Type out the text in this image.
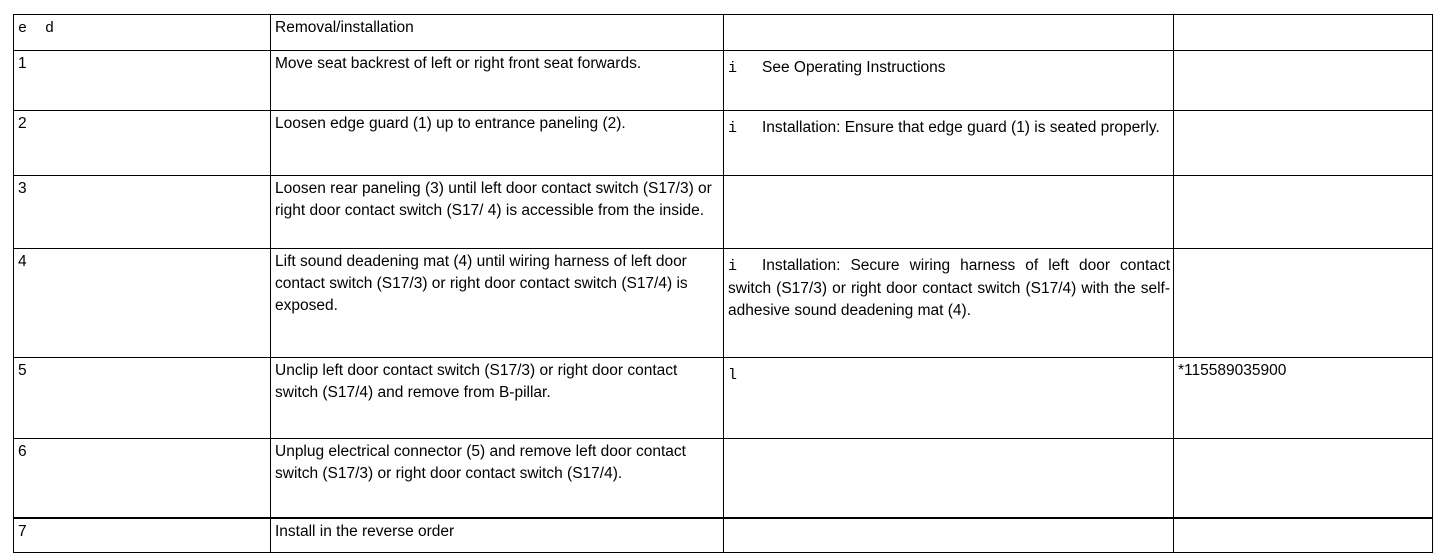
e  d	Removal/installation		
1	Move seat backrest of left or right front seat forwards.	i See Operating Instructions	
2	Loosen edge guard (1) up to entrance paneling (2).	i Installation: Ensure that edge guard (1) is seated properly.	
3	Loosen rear paneling (3) until left door contact switch (S17/3) or right door contact switch (S17/ 4) is accessible from the inside.		
4	Lift sound deadening mat (4) until wiring harness of left door contact switch (S17/3) or right door contact switch (S17/4) is exposed.	i Installation: Secure wiring harness of left door contact switch (S17/3) or right door contact switch (S17/4) with the self-adhesive sound deadening mat (4).	
5	Unclip left door contact switch (S17/3) or right door contact switch (S17/4) and remove from B-pillar.	l	*115589035900
6	Unplug electrical connector (5) and remove left door contact switch (S17/3) or right door contact switch (S17/4).		
7	Install in the reverse order		
